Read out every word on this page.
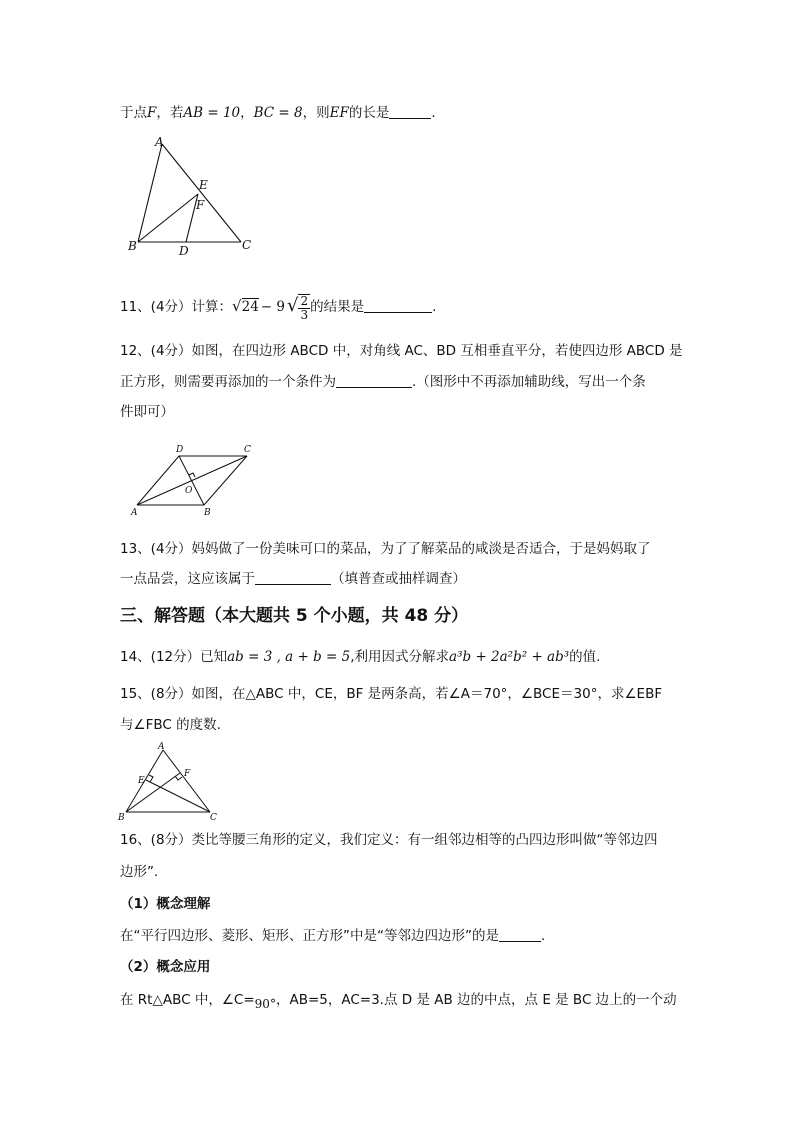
于点F，若AB = 10，BC = 8，则EF的长是	.
A
E
F
B	D	C
11、(4分）计算：√24 − 9 √ $\frac{2}{3}$ 的结果是	.
12、(4分）如图，在四边形 ABCD 中，对角线 AC、BD 互相垂直平分，若使四边形 ABCD 是
正方形，则需要再添加的一个条件为	.（图形中不再添加辅助线，写出一个条
件即可）
D	C
O
A	B
13、(4分）妈妈做了一份美味可口的菜品，为了了解菜品的咸淡是否适合，于是妈妈取了
一点品尝，这应该属于	（填普查或抽样调查）
三、解答题（本大题共 5 个小题，共 48 分）
14、(12分）已知ab = 3 , a + b = 5,利用因式分解求a³b + 2a²b² + ab³的值.
15、(8分）如图，在△ABC 中，CE，BF 是两条高，若∠A＝70°，∠BCE＝30°，求∠EBF
与∠FBC 的度数.
A
E
F
B	C
16、(8分）类比等腰三角形的定义，我们定义：有一组邻边相等的凸四边形叫做“等邻边四
边形”.
（1）概念理解
在“平行四边形、菱形、矩形、正方形”中是“等邻边四边形”的是	.
（2）概念应用
在 Rt△ABC 中，∠C=90°，AB=5，AC=3.点 D 是 AB 边的中点，点 E 是 BC 边上的一个动
